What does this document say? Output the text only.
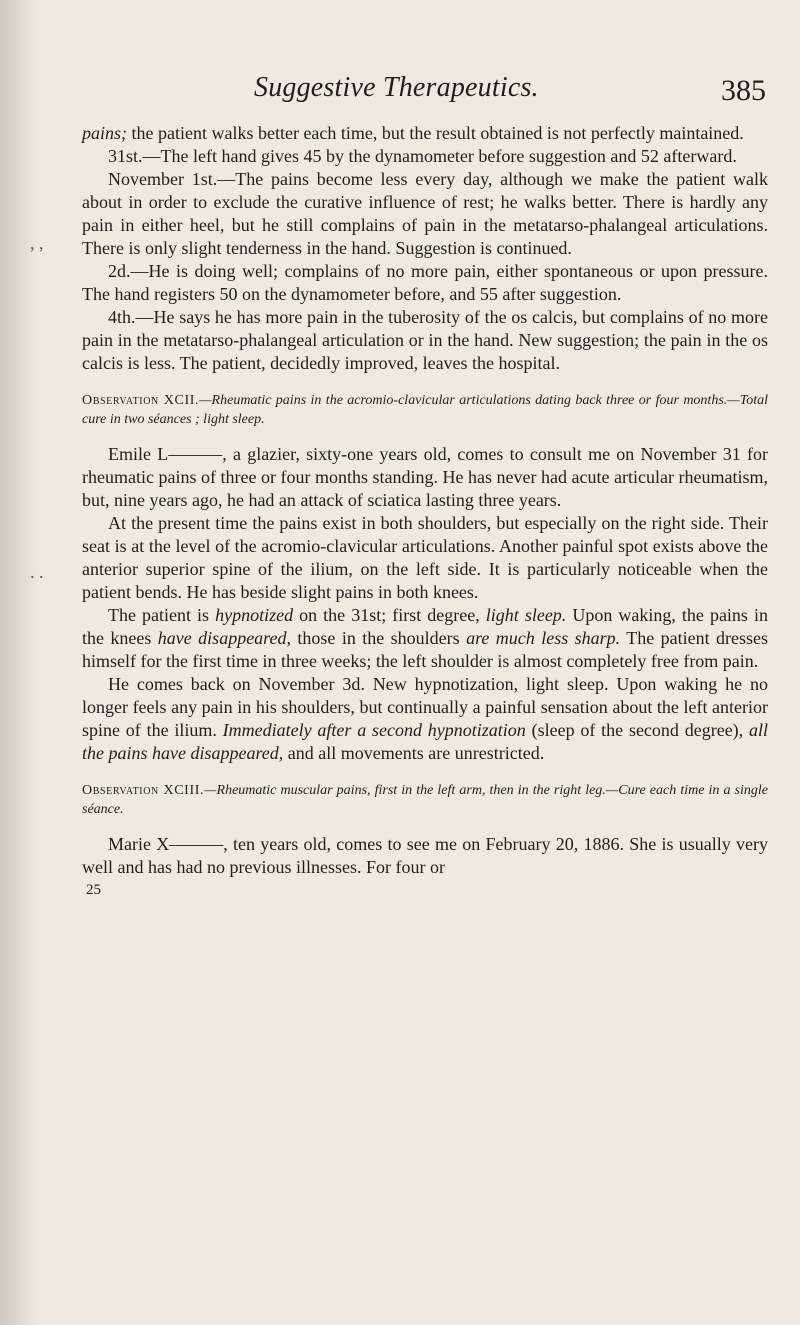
Suggestive Therapeutics.	385
, ,
. .

pains; the patient walks better each time, but the result obtained is not perfectly maintained.

31st.—The left hand gives 45 by the dynamometer before suggestion and 52 afterward.

November 1st.—The pains become less every day, although we make the patient walk about in order to exclude the curative influence of rest; he walks better. There is hardly any pain in either heel, but he still complains of pain in the metatarso-phalangeal articulations. There is only slight tenderness in the hand. Suggestion is continued.

2d.—He is doing well; complains of no more pain, either spontaneous or upon pressure. The hand registers 50 on the dynamometer before, and 55 after suggestion.

4th.—He says he has more pain in the tuberosity of the os calcis, but complains of no more pain in the metatarso-phalangeal articulation or in the hand. New suggestion; the pain in the os calcis is less. The patient, decidedly improved, leaves the hospital.

Observation XCII.—Rheumatic pains in the acromio-clavicular articulations dating back three or four months.—Total cure in two séances ; light sleep.

Emile L———, a glazier, sixty-one years old, comes to consult me on November 31 for rheumatic pains of three or four months standing. He has never had acute articular rheumatism, but, nine years ago, he had an attack of sciatica lasting three years.

At the present time the pains exist in both shoulders, but especially on the right side. Their seat is at the level of the acromio-clavicular articulations. Another painful spot exists above the anterior superior spine of the ilium, on the left side. It is particularly noticeable when the patient bends. He has beside slight pains in both knees.

The patient is hypnotized on the 31st; first degree, light sleep. Upon waking, the pains in the knees have disappeared, those in the shoulders are much less sharp. The patient dresses himself for the first time in three weeks; the left shoulder is almost completely free from pain.

He comes back on November 3d. New hypnotization, light sleep. Upon waking he no longer feels any pain in his shoulders, but continually a painful sensation about the left anterior spine of the ilium. Immediately after a second hypnotization (sleep of the second degree), all the pains have disappeared, and all movements are unrestricted.

Observation XCIII.—Rheumatic muscular pains, first in the left arm, then in the right leg.—Cure each time in a single séance.

Marie X———, ten years old, comes to see me on February 20, 1886. She is usually very well and has had no previous illnesses. For four or

25
